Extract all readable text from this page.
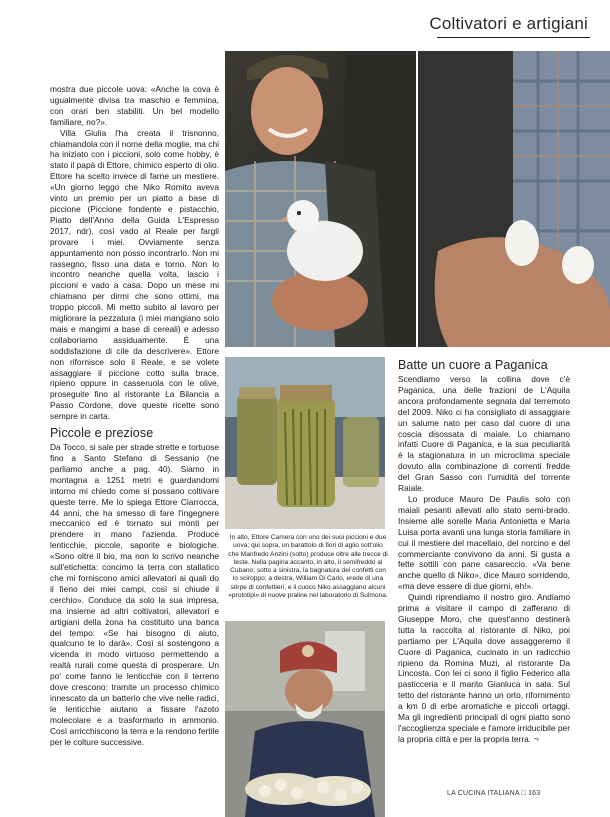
Coltivatori e artigiani

mostra due piccole uova: «Anche la cova è ugualmente divisa tra maschio e femmina, con orari ben stabiliti. Un bel modello familiare, no?».

Villa Giulia l'ha creata il trisnonno, chiamandola con il nome della moglie, ma chi ha iniziato con i piccioni, solo come hobby, è stato il papà di Ettore, chimico esperto di olio. Ettore ha scelto invece di farne un mestiere. «Un giorno leggo che Niko Romito aveva vinto un premio per un piatto a base di piccione (Piccione fondente e pistacchio, Piatto dell'Anno della Guida L'Espresso 2017, ndr), così vado al Reale per fargli provare i miei. Ovviamente senza appuntamento non posso incontrarlo. Non mi rassegno, fisso una data e torno. Non lo incontro neanche quella volta, lascio i piccioni e vado a casa. Dopo un mese mi chiamano per dirmi che sono ottimi, ma troppo piccoli. Mi metto subito al lavoro per migliorare la pezzatura (i miei mangiano solo mais e mangimi a base di cereali) e adesso collaboriamo assiduamente. È una soddisfazione di cile da descrivere». Ettore non rifornisce solo il Reale, e se volete assaggiare il piccione cotto sulla brace, ripieno oppure in casseruola con le olive, proseguite fino al ristorante La Bilancia a Passo Cordone, dove queste ricette sono sempre in carta.

Piccole e preziose

Da Tocco, si sale per strade strette e tortuose fino a Santo Stefano di Sessanio (ne parliamo anche a pag. 40). Siamo in montagna a 1251 metri e guardandomi intorno mi chiedo come si possano coltivare queste terre. Me lo spiega Ettore Ciarrocca, 44 anni, che ha smesso di fare l'ingegnere meccanico ed è tornato sui monti per prendere in mano l'azienda. Produce lenticchie, piccole, saporite e biologiche. «Sono oltre il bio, ma non lo scrivo neanche sull'etichetta: concimo la terra con stallatico che mi forniscono amici allevatori ai quali do il fieno dei miei campi, così si chiude il cerchio». Conduce da solo la sua impresa, ma insieme ad altri coltivatori, allevatori e artigiani della zona ha costituito una banca del tempo: «Se hai bisogno di aiuto, qualcuno te lo darà». Così si sostengono a vicenda in modo virtuoso permettendo a realtà rurali come questa di prosperare. Un po' come fanno le lenticchie con il terreno dove crescono: tramite un processo chimico innescato da un batterio che vive nelle radici, le lenticchie aiutano a fissare l'azoto molecolare e a trasformarlo in ammonio. Così arricchiscono la terra e la rendono fertile per le colture successive.

In alto, Ettore Camera con uno dei suoi piccioni e due uova; qui sopra, un barattolo di fiori di aglio sott'olio che Manfredo Anzini (sotto) produce oltre alle trecce di teste. Nella pagina accanto, in alto, il semifreddo al Cubano; sotto a sinistra, la bagnatura dei confetti con lo sciroppo; a destra, William Di Carlo, erede di una stirpe di confettieri, e il cuoco Niko assaggiano alcuni «prototipi» di nuove praline nel laboratorio di Sulmona.
Batte un cuore a Paganica

Scendiamo verso la collina dove c'è Paganica, una delle frazioni de L'Aquila ancora profondamente segnata dal terremoto del 2009. Niko ci ha consigliato di assaggiare un salume nato per caso dal cuore di una coscia disossata di maiale. Lo chiamano infatti Cuore di Paganica, e la sua peculiarità è la stagionatura in un microclima speciale dovuto alla combinazione di correnti fredde del Gran Sasso con l'umidità del torrente Raiale.

Lo produce Mauro De Paulis solo con maiali pesanti allevati allo stato semi-brado. Insieme alle sorelle Maria Antonietta e Maria Luisa porta avanti una lunga storia familiare in cui il mestiere del macellaio, del norcino e del commerciante convivono da anni. Si gusta a fette sottili con pane casareccio. «Va bene anche quello di Niko», dice Mauro sorridendo, «ma deve essere di due giorni, eh!».

Quindi riprendiamo il nostro giro. Andiamo prima a visitare il campo di zafferano di Giuseppe Moro, che quest'anno destinerà tutta la raccolta al ristorante di Niko, poi partiamo per L'Aquila dove assaggeremo il Cuore di Paganica, cucinato in un radicchio ripieno da Romina Muzi, al ristorante Da Lincosta. Con lei ci sono il figlio Federico alla pasticceria e il marito Gianluca in sala. Sul tetto del ristorante hanno un orto, rifornimento a km 0 di erbe aromatiche e piccoli ortaggi. Ma gli ingredienti principali di ogni piatto sono l'accoglienza speciale e l'amore irriducibile per la propria città e per la propria terra. ¬

LA CUCINA ITALIANA □ 163
